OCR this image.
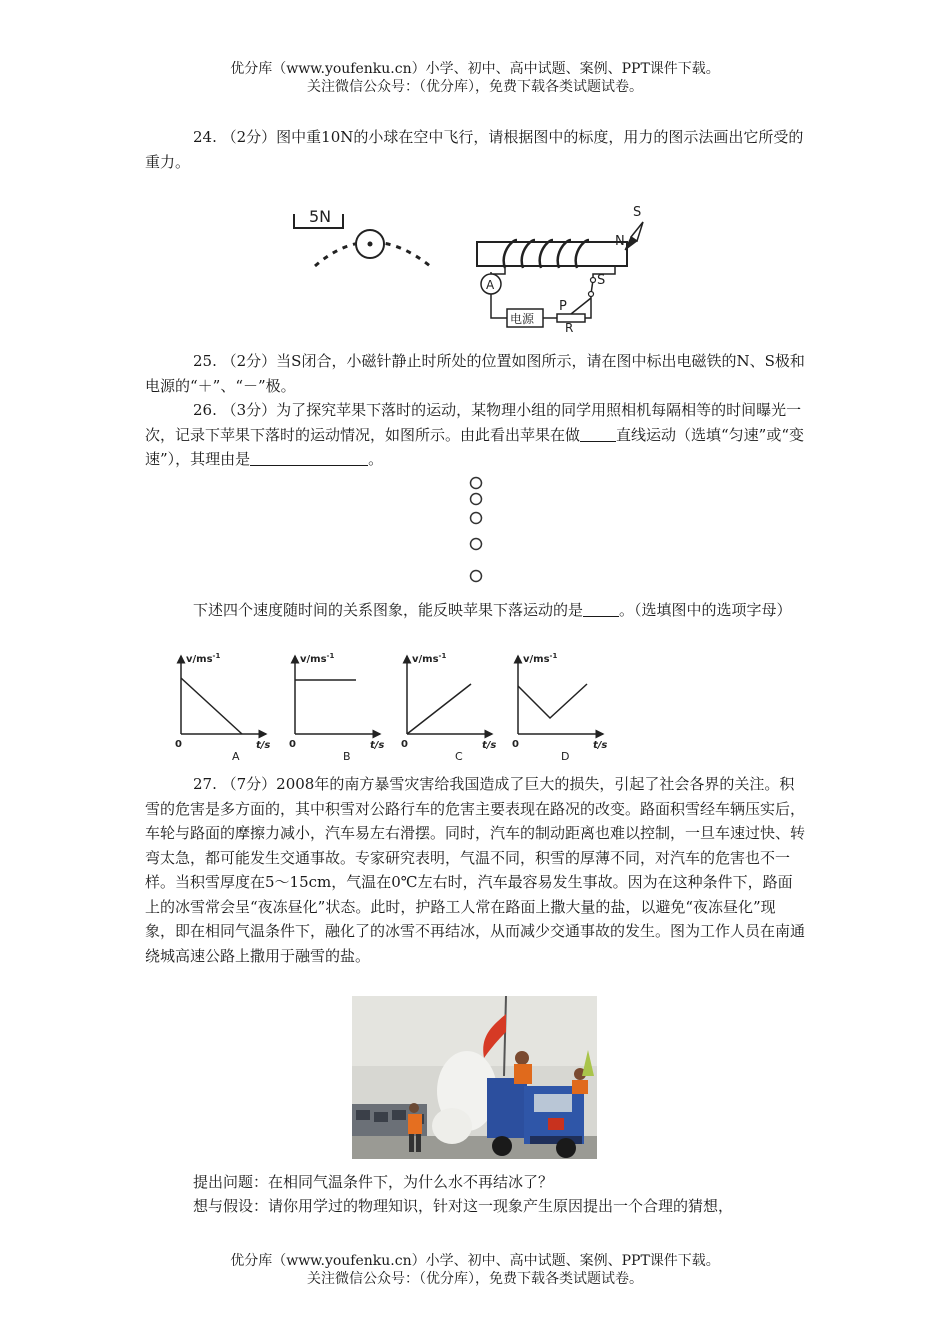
优分库（www.youfenku.cn）小学、初中、高中试题、案例、PPT课件下载。
关注微信公众号：（优分库），免费下载各类试题试卷。

24. （2分）图中重10N的小球在空中飞行，请根据图中的标度，用力的图示法画出它所受的重力。

5N
A
电源
P
R
S
S
N

25. （2分）当S闭合，小磁针静止时所处的位置如图所示，请在图中标出电磁铁的N、S极和电源的“＋”、“－”极。

26. （3分）为了探究苹果下落时的运动，某物理小组的同学用照相机每隔相等的时间曝光一次，记录下苹果下落时的运动情况，如图所示。由此看出苹果在做 直线运动（选填“匀速”或“变速”），其理由是	。

下述四个速度随时间的关系图象，能反映苹果下落运动的是 。（选填图中的选项字母）

$v/ms^{-1}$
t/s
0
A
$v/ms^{-1}$
t/s
0
B
$v/ms^{-1}$
t/s
0
C
$v/ms^{-1}$
t/s
0
D

27. （7分）2008年的南方暴雪灾害给我国造成了巨大的损失，引起了社会各界的关注。积雪的危害是多方面的，其中积雪对公路行车的危害主要表现在路况的改变。路面积雪经车辆压实后，车轮与路面的摩擦力减小，汽车易左右滑摆。同时，汽车的制动距离也难以控制，一旦车速过快、转弯太急，都可能发生交通事故。专家研究表明，气温不同，积雪的厚薄不同，对汽车的危害也不一样。当积雪厚度在5～15cm，气温在0℃左右时，汽车最容易发生事故。因为在这种条件下，路面上的冰雪常会呈“夜冻昼化”状态。此时，护路工人常在路面上撒大量的盐，以避免“夜冻昼化”现象，即在相同气温条件下，融化了的冰雪不再结冰，从而减少交通事故的发生。图为工作人员在南通绕城高速公路上撒用于融雪的盐。

提出问题：在相同气温条件下，为什么水不再结冰了？
想与假设：请你用学过的物理知识，针对这一现象产生原因提出一个合理的猜想，
优分库（www.youfenku.cn）小学、初中、高中试题、案例、PPT课件下载。
关注微信公众号：（优分库），免费下载各类试题试卷。
